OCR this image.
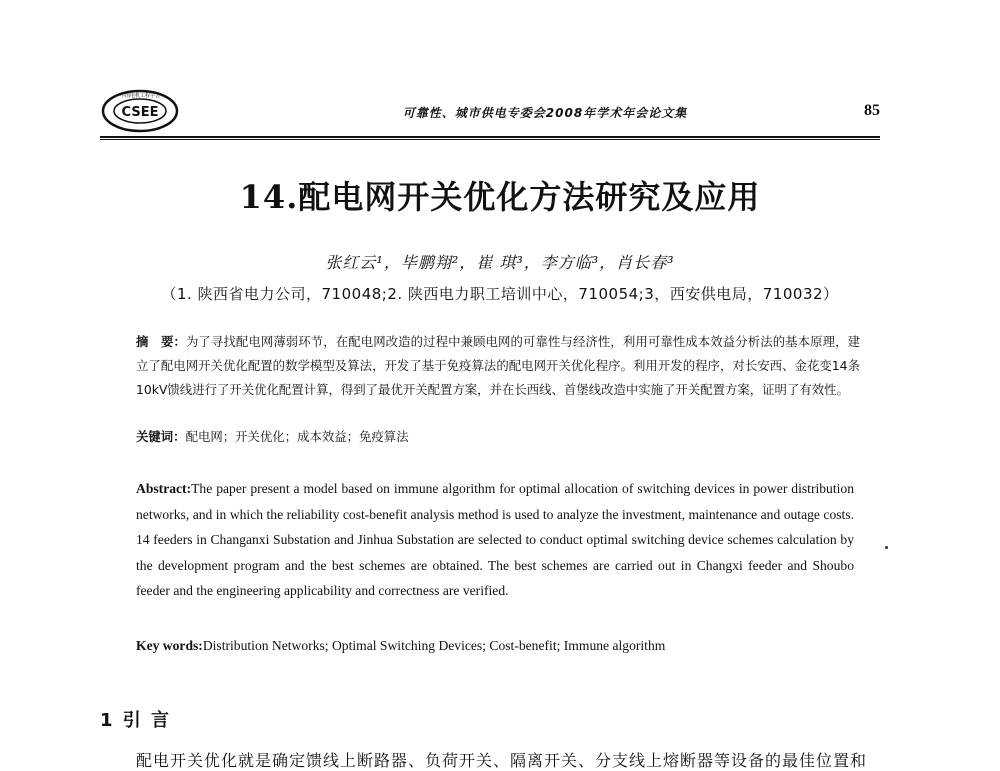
CSEE
中国电机工程学会
可靠性、城市供电专委会2008年学术年会论文集	85
14.配电网开关优化方法研究及应用
张红云¹，毕鹏翔²，崔 琪³，李方临³，肖长春³
（1. 陕西省电力公司，710048;2. 陕西电力职工培训中心，710054;3，西安供电局，710032）
摘　要：为了寻找配电网薄弱环节，在配电网改造的过程中兼顾电网的可靠性与经济性，利用可靠性成本效益分析法的基本原理，建立了配电网开关优化配置的数学模型及算法，开发了基于免疫算法的配电网开关优化程序。利用开发的程序，对长安西、金花变14条10kV馈线进行了开关优化配置计算，得到了最优开关配置方案，并在长西线、首堡线改造中实施了开关配置方案，证明了有效性。
关键词：配电网；开关优化；成本效益；免疫算法
Abstract:The paper present a model based on immune algorithm for optimal allocation of switching devices in power distribution networks, and in which the reliability cost-benefit analysis method is used to analyze the investment, maintenance and outage costs. 14 feeders in Changanxi Substation and Jinhua Substation are selected to conduct optimal switching device schemes calculation by the development program and the best schemes are obtained. The best schemes are carried out in Changxi feeder and Shoubo feeder and the engineering applicability and correctness are verified.
Key words:Distribution Networks; Optimal Switching Devices; Cost-benefit; Immune algorithm
1 引 言
配电开关优化就是确定馈线上断路器、负荷开关、隔离开关、分支线上熔断器等设备的最佳位置和
